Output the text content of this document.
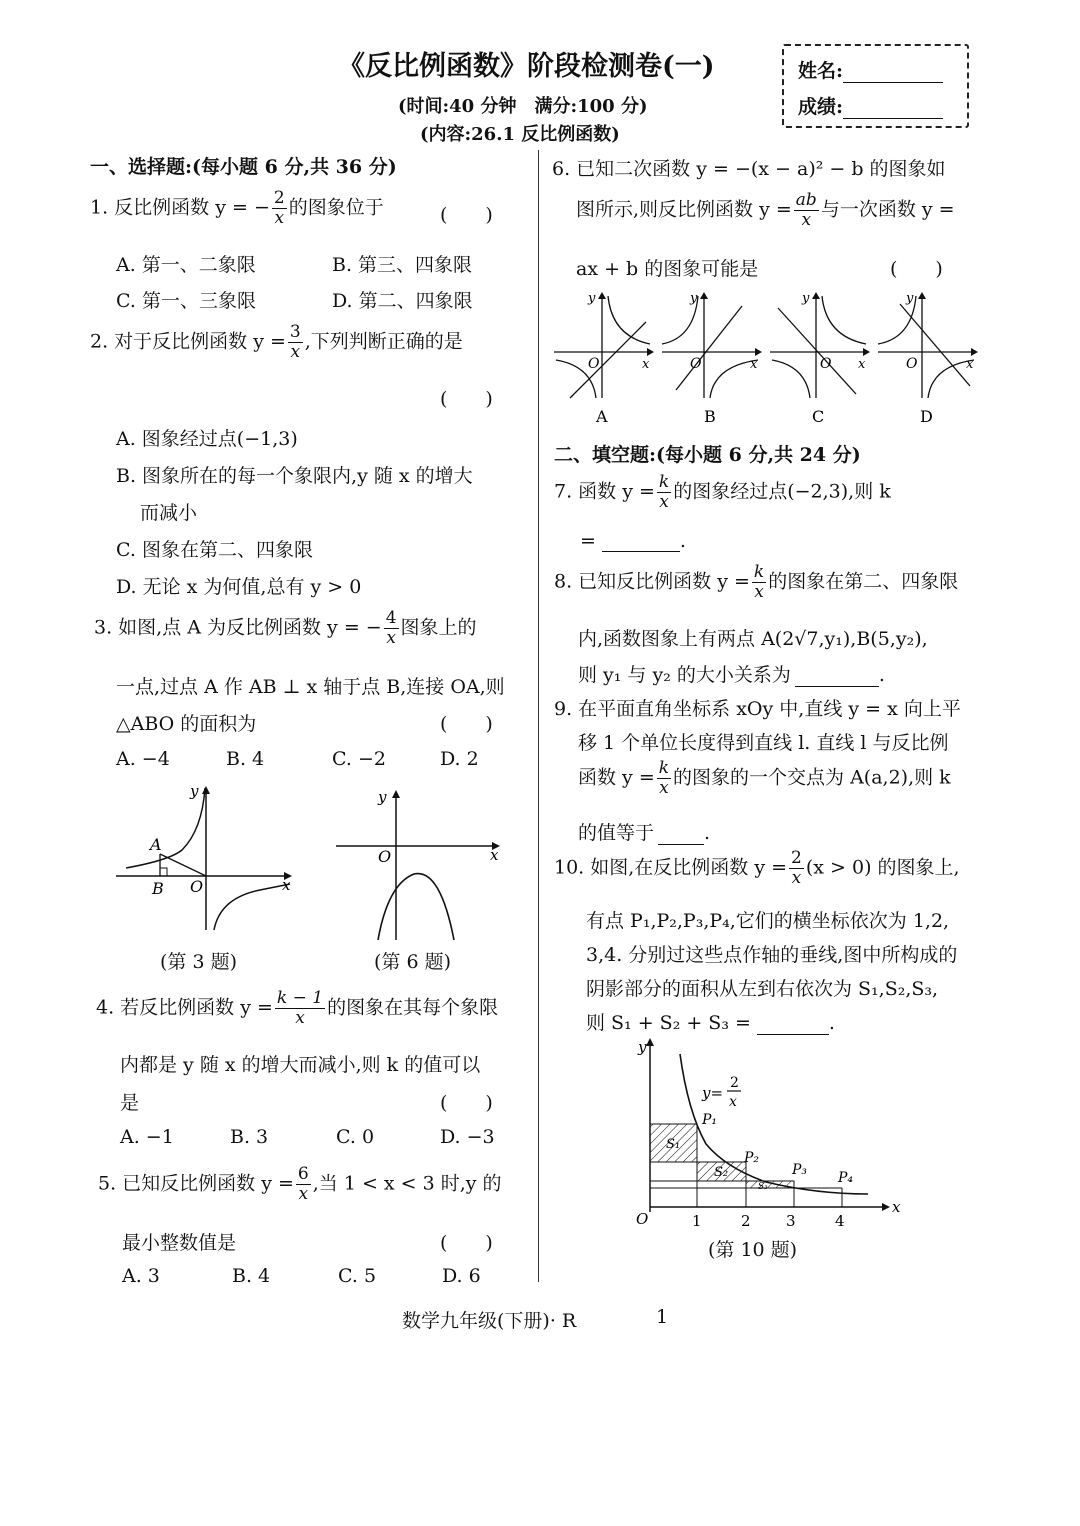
《反比例函数》阶段检测卷(一)
(时间:40 分钟　满分:100 分)
(内容:26.1 反比例函数)
姓名:
成绩:
一、选择题:(每小题 6 分,共 36 分)
1. 反比例函数 y = − $\frac{2}{x}$ 的图象位于	(　　)
A. 第一、二象限	B. 第三、四象限
C. 第一、三象限	D. 第二、四象限
2. 对于反比例函数 $y = \frac{3}{x}$ ,下列判断正确的是
(　　)
A. 图象经过点(−1,3)
B. 图象所在的每一个象限内,y 随 x 的增大
而减小
C. 图象在第二、四象限
D. 无论 x 为何值,总有 y > 0
3. 如图,点 A 为反比例函数 y = − $\frac{4}{x}$ 图象上的
一点,过点 A 作 AB ⊥ x 轴于点 B,连接 OA,则
△ABO 的面积为	(　　)
A. −4	B. 4	C. −2	D. 2
A
B O	x
y
(第 3 题)
O	x
y
(第 6 题)
4. 若反比例函数 $y = \frac{k - 1}{x}$ 的图象在其每个象限
内都是 y 随 x 的增大而减小,则 k 的值可以
是	(　　)
A. −1	B. 3	C. 0	D. −3
5. 已知反比例函数 $y = \frac{6}{x}$ ,当 1 < x < 3 时,y 的
最小整数值是	(　　)
A. 3	B. 4	C. 5	D. 6
6. 已知二次函数 y = −(x − a)² − b 的图象如
图所示,则反比例函数 $y = \frac{ab}{x}$ 与一次函数 y =
ax + b 的图象可能是	(　　)
O	x
y
A
O	x
y
B
O x
y
C
O	x
y
D
二、填空题:(每小题 6 分,共 24 分)
7. 函数 $y = \frac{k}{x}$ 的图象经过点(−2,3),则 k
=	.
8. 已知反比例函数 $y = \frac{k}{x}$ 的图象在第二、四象限
内,函数图象上有两点 A(2√7,y₁),B(5,y₂),
则 y₁ 与 y₂ 的大小关系为	.
9. 在平面直角坐标系 xOy 中,直线 y = x 向上平
移 1 个单位长度得到直线 l. 直线 l 与反比例
函数 $y = \frac{k}{x}$ 的图象的一个交点为 A(a,2),则 k
的值等于	.
10. 如图,在反比例函数 $y = \frac{2}{x} (x > 0)$ 的图象上,
有点 P₁,P₂,P₃,P₄,它们的横坐标依次为 1,2,
3,4. 分别过这些点作轴的垂线,图中所构成的
阴影部分的面积从左到右依次为 S₁,S₂,S₃,
则 S₁ + S₂ + S₃ =	.
y
x
O	1	2 3	4
P₁
P₂
P₃ P₄
S₁
S₂
S₃
y=
2
x
(第 10 题)
数学九年级(下册)· R	1
